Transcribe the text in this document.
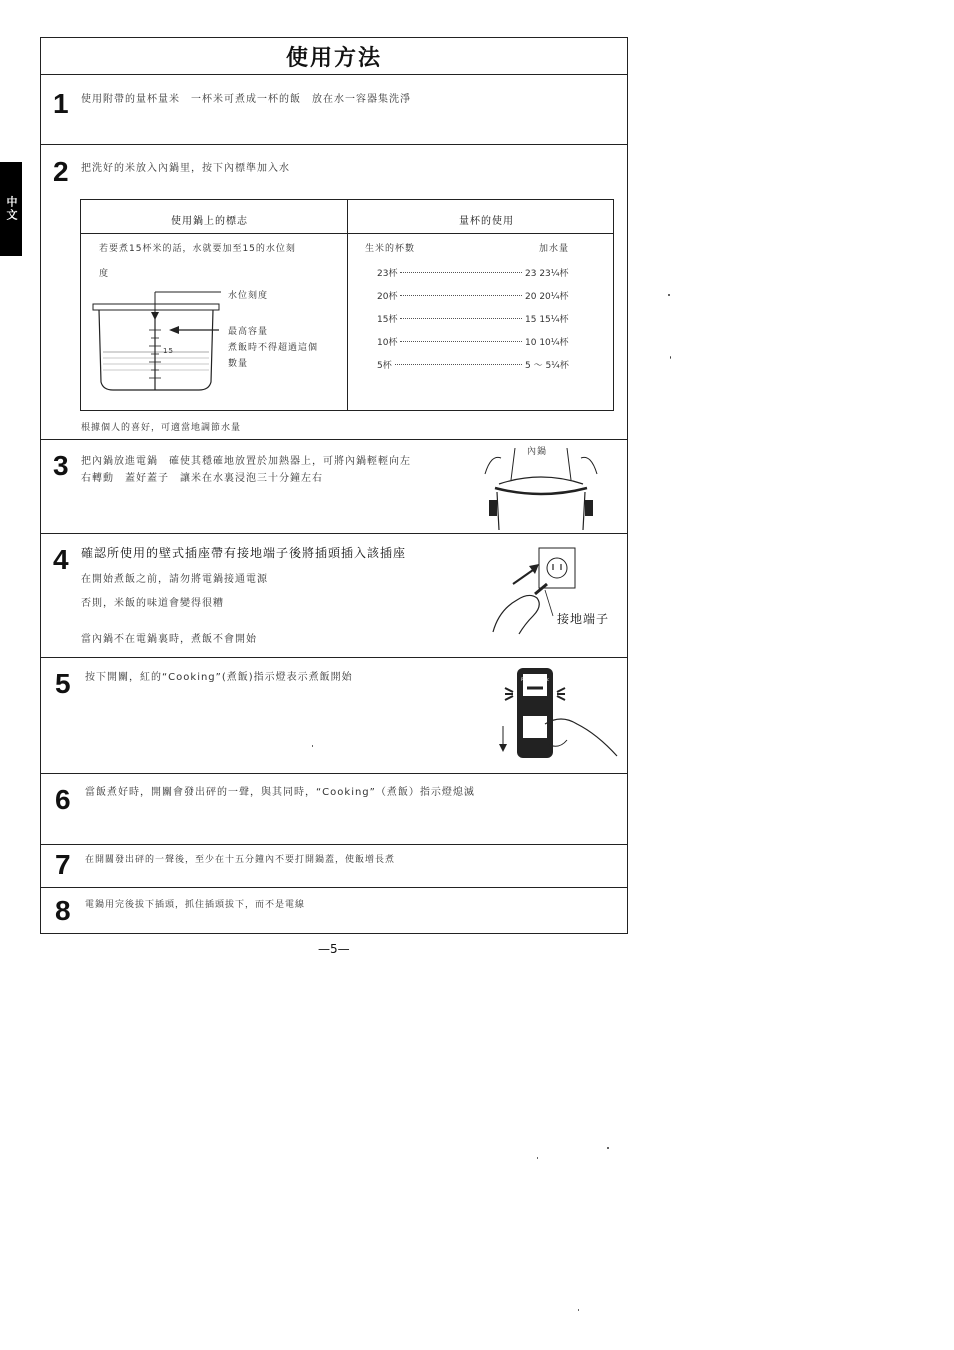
中文
使用方法
1 使用附帶的量杯量米　一杯米可煮成一杯的飯　放在水一容器集洗淨
2 把洗好的米放入內鍋里，按下內標準加入水
使用鍋上的標志	量杯的使用
若要煮15杯米的話，水就要加至15的水位刻
度
15
水位刻度
最高容量
煮飯時不得超過這個
數量
生米的杯數	加水量
23杯	23 23¼杯
20杯	20 20¼杯
15杯	15 15¼杯
10杯	10 10¼杯
5杯	5 ～ 5¼杯
根據個人的喜好，可適當地調節水量
3 把內鍋放進電鍋　確使其穩確地放置於加熱器上，可將內鍋輕輕向左
右轉動　蓋好蓋子　讓米在水裏浸泡三十分鐘左右
內鍋
4 確認所使用的壁式插座帶有接地端子後將插頭插入該插座
在開始煮飯之前，請勿將電鍋接通電源
否則，米飯的味道會變得很糟
當內鍋不在電鍋裏時，煮飯不會開始
接地端子
5 按下開關，紅的“Cooking”(煮飯)指示燈表示煮飯開始	Panasonic
6 當飯煮好時，開關會發出砰的一聲，與其同時，“Cooking”（煮飯）指示燈熄滅
7 在開關發出砰的一聲後，至少在十五分鐘內不要打開鍋蓋，使飯增長煮
8 電鍋用完後拔下插頭，抓住插頭拔下，而不是電線
—5—
